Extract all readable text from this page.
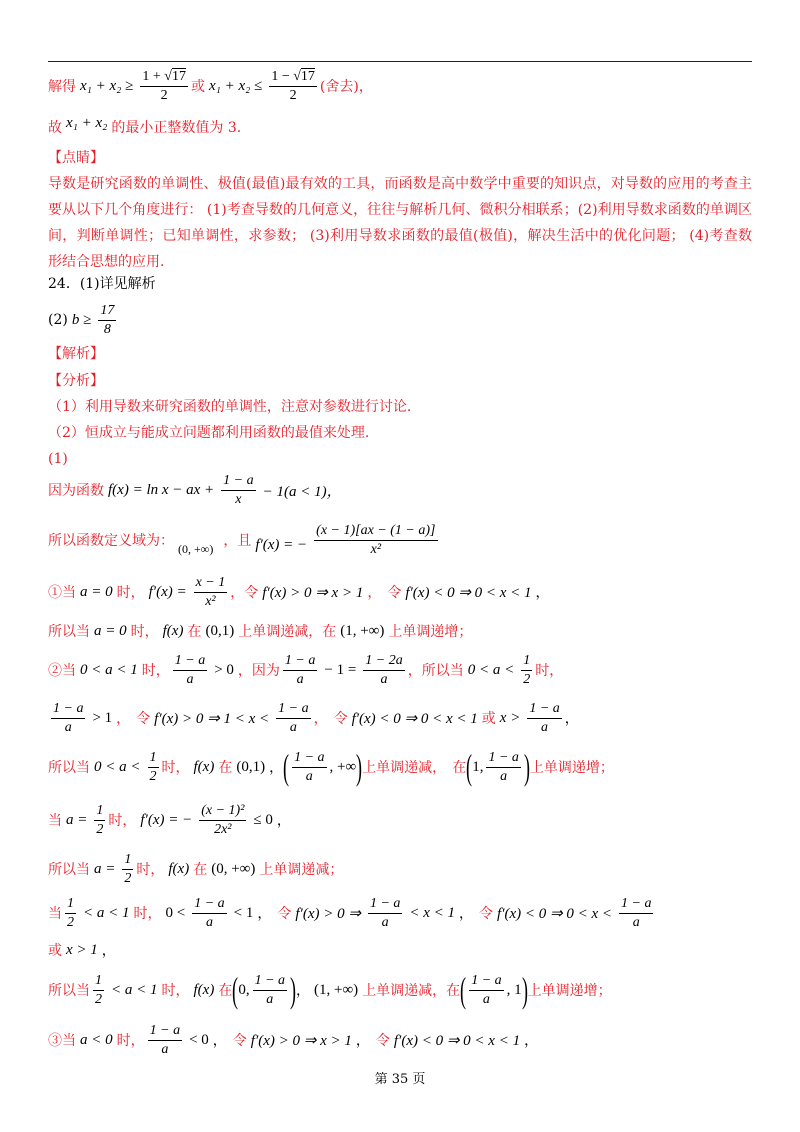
解得 $x_1 + x_2 \ge \frac{1 + √17}{2}$ 或 $x_1 + x_2 \le \frac{1 - √17}{2}$ (舍去)，
故 x₁ + x₂ 的最小正整数值为 3.
【点睛】
导数是研究函数的单调性、极值(最值)最有效的工具，而函数是高中数学中重要的知识点，对导数的应用的考查主
要从以下几个角度进行： (1)考查导数的几何意义，往往与解析几何、微积分相联系；(2)利用导数求函数的单调区
间，判断单调性；已知单调性，求参数； (3)利用导数求函数的最值(极值)，解决生活中的优化问题； (4)考查数
形结合思想的应用.
24．(1)详见解析
(2) $b \ge \frac{17}{8}$
【解析】
【分析】
（1）利用导数来研究函数的单调性，注意对参数进行讨论.
（2）恒成立与能成立问题都利用函数的最值来处理.
(1)
因为函数 f(x) = ln x − ax + $\frac{1 - a}{x} - 1(a < 1)$，
所以函数定义域为： (0, +∞) ，且 f′(x) = − $\frac{(x - 1)[ax - (1 - a)]}{\text{x²}}$
①当 a = 0 时， $f'(x) = \frac{x - 1}{\text{x²}}$ ，令 f′(x) > 0 ⇒ x > 1 ， 令 f′(x) < 0 ⇒ 0 < x < 1 ，
所以当 a = 0 时， f(x) 在 (0,1) 上单调递减，在 (1, +∞) 上单调递增；
②当 0 < a < 1 时， $\frac{1 - a}{a} > 0$ ，因为 $\frac{1 - a}{a} - 1 = \frac{1 - 2a}{a}$ ，所以当 $0 < a < \frac{1}{2}$ 时，
$\frac{1 - a}{a} > 1$ ， 令 f′(x) > 0 ⇒ $1 < x < \frac{1 - a}{a}$ ， 令 f′(x) < 0 ⇒ 0 < x < 1 或 $x > \frac{1 - a}{a}$ ，
所以当 $0 < a < \frac{1}{2}$ 时， f(x) 在 (0,1) ， ( $\frac{1 - a}{a}$ , +∞ ) 上单调递减， 在 ( 1, $\frac{1 - a}{a}$ ) 上单调递增；
当 $a = \frac{1}{2}$ 时， f′(x) = − $\frac{\text{(x − 1)²}}{\text{2x²}} \le 0$ ，
所以当 $a = \frac{1}{2}$ 时， f(x) 在 (0, +∞) 上单调递减；
当 $\frac{1}{2} < a < 1$ 时， $0 < \frac{1 - a}{a} < 1$ ， 令 f′(x) > 0 ⇒ $\frac{1 - a}{a} < x < 1$ ， 令 f′(x) < 0 ⇒ $0 < x < \frac{1 - a}{a}$
或 x > 1 ，
所以当 $\frac{1}{2} < a < 1$ 时， f(x) 在 ( 0, $\frac{1 - a}{a}$ ) ， (1, +∞) 上单调递减，在 ( $\frac{1 - a}{a}$ , 1 ) 上单调递增；
③当 a < 0 时， $\frac{1 - a}{a} < 0$ ， 令 f′(x) > 0 ⇒ x > 1 ， 令 f′(x) < 0 ⇒ 0 < x < 1 ，
第 35 页
